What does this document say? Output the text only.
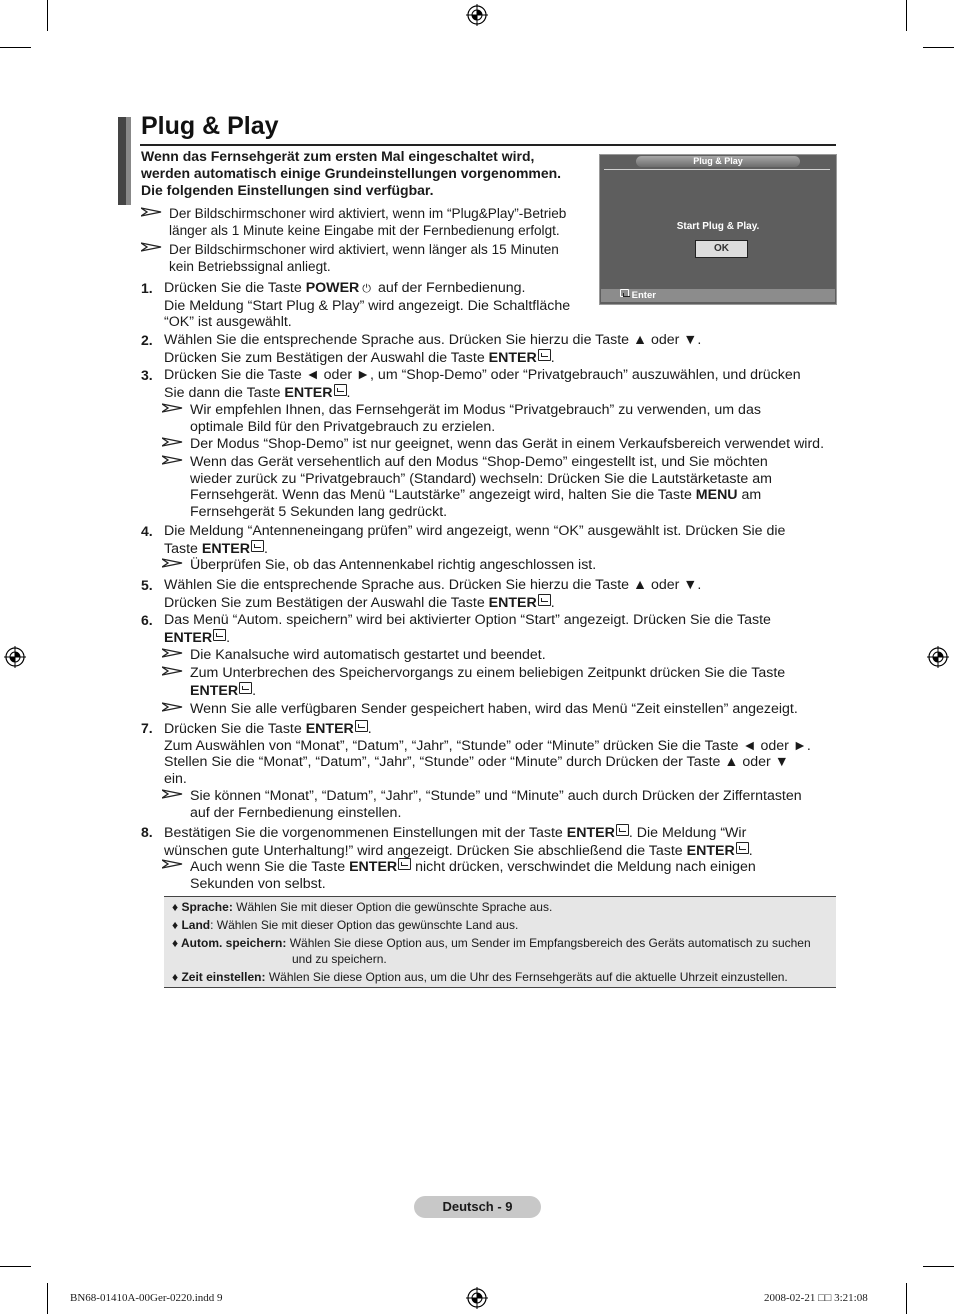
Plug & Play
Wenn das Fernsehgerät zum ersten Mal eingeschaltet wird,
werden automatisch einige Grundeinstellungen vorgenommen.
Die folgenden Einstellungen sind verfügbar.
Der Bildschirmschoner wird aktiviert, wenn im “Plug&Play”-Betrieb
länger als 1 Minute keine Eingabe mit der Fernbedienung erfolgt.
Der Bildschirmschoner wird aktiviert, wenn länger als 15 Minuten
kein Betriebssignal anliegt.
Plug & Play
Start Plug & Play.
OK
Enter
1. Drücken Sie die Taste POWER ⏻ auf der Fernbedienung.
Die Meldung “Start Plug & Play” wird angezeigt. Die Schaltfläche
“OK” ist ausgewählt.
2. Wählen Sie die entsprechende Sprache aus. Drücken Sie hierzu die Taste ▲ oder ▼.
Drücken Sie zum Bestätigen der Auswahl die Taste ENTER .
3. Drücken Sie die Taste ◄ oder ►, um “Shop-Demo” oder “Privatgebrauch” auszuwählen, und drücken
Sie dann die Taste ENTER .
Wir empfehlen Ihnen, das Fernsehgerät im Modus “Privatgebrauch” zu verwenden, um das
optimale Bild für den Privatgebrauch zu erzielen.
Der Modus “Shop-Demo” ist nur geeignet, wenn das Gerät in einem Verkaufsbereich verwendet wird.
Wenn das Gerät versehentlich auf den Modus “Shop-Demo” eingestellt ist, und Sie möchten
wieder zurück zu “Privatgebrauch” (Standard) wechseln: Drücken Sie die Lautstärketaste am
Fernsehgerät. Wenn das Menü “Lautstärke” angezeigt wird, halten Sie die Taste MENU am
Fernsehgerät 5 Sekunden lang gedrückt.
4. Die Meldung “Antenneneingang prüfen” wird angezeigt, wenn “OK” ausgewählt ist. Drücken Sie die
Taste ENTER .
Überprüfen Sie, ob das Antennenkabel richtig angeschlossen ist.
5. Wählen Sie die entsprechende Sprache aus. Drücken Sie hierzu die Taste ▲ oder ▼.
Drücken Sie zum Bestätigen der Auswahl die Taste ENTER .
6. Das Menü “Autom. speichern” wird bei aktivierter Option “Start” angezeigt. Drücken Sie die Taste
ENTER .
Die Kanalsuche wird automatisch gestartet und beendet.
Zum Unterbrechen des Speichervorgangs zu einem beliebigen Zeitpunkt drücken Sie die Taste
ENTER .
Wenn Sie alle verfügbaren Sender gespeichert haben, wird das Menü “Zeit einstellen” angezeigt.
7. Drücken Sie die Taste ENTER .
Zum Auswählen von “Monat”, “Datum”, “Jahr”, “Stunde” oder “Minute” drücken Sie die Taste ◄ oder ►.
Stellen Sie die “Monat”, “Datum”, “Jahr”, “Stunde” oder “Minute” durch Drücken der Taste ▲ oder ▼
ein.
Sie können “Monat”, “Datum”, “Jahr”, “Stunde” und “Minute” auch durch Drücken der Zifferntasten
auf der Fernbedienung einstellen.
8. Bestätigen Sie die vorgenommenen Einstellungen mit der Taste ENTER . Die Meldung “Wir
wünschen gute Unterhaltung!” wird angezeigt. Drücken Sie abschließend die Taste ENTER .
Auch wenn Sie die Taste ENTER nicht drücken, verschwindet die Meldung nach einigen
Sekunden von selbst.
♦ Sprache: Wählen Sie mit dieser Option die gewünschte Sprache aus.
♦ Land: Wählen Sie mit dieser Option das gewünschte Land aus.
♦ Autom. speichern: Wählen Sie diese Option aus, um Sender im Empfangsbereich des Geräts automatisch zu suchen
und zu speichern.
♦ Zeit einstellen: Wählen Sie diese Option aus, um die Uhr des Fernsehgeräts auf die aktuelle Uhrzeit einzustellen.
Deutsch - 9
BN68-01410A-00Ger-0220.indd 9	2008-02-21 □□ 3:21:08
